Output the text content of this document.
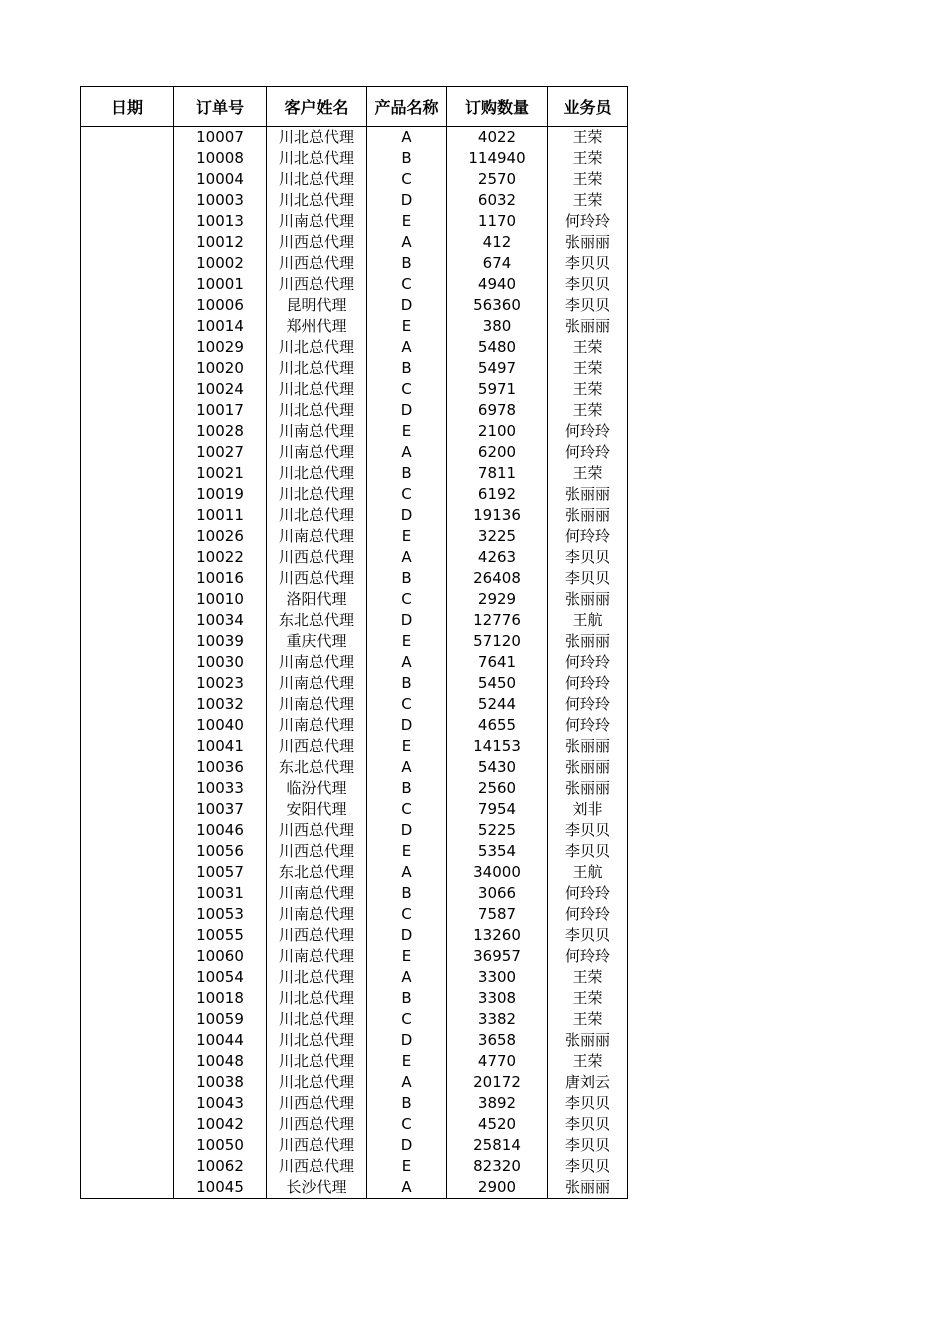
日期	订单号	客户姓名	产品名称	订购数量	业务员
	10007	川北总代理	A	4022	王荣
	10008	川北总代理	B	114940	王荣
	10004	川北总代理	C	2570	王荣
	10003	川北总代理	D	6032	王荣
	10013	川南总代理	E	1170	何玲玲
	10012	川西总代理	A	412	张丽丽
	10002	川西总代理	B	674	李贝贝
	10001	川西总代理	C	4940	李贝贝
	10006	昆明代理	D	56360	李贝贝
	10014	郑州代理	E	380	张丽丽
	10029	川北总代理	A	5480	王荣
	10020	川北总代理	B	5497	王荣
	10024	川北总代理	C	5971	王荣
	10017	川北总代理	D	6978	王荣
	10028	川南总代理	E	2100	何玲玲
	10027	川南总代理	A	6200	何玲玲
	10021	川北总代理	B	7811	王荣
	10019	川北总代理	C	6192	张丽丽
	10011	川北总代理	D	19136	张丽丽
	10026	川南总代理	E	3225	何玲玲
	10022	川西总代理	A	4263	李贝贝
	10016	川西总代理	B	26408	李贝贝
	10010	洛阳代理	C	2929	张丽丽
	10034	东北总代理	D	12776	王航
	10039	重庆代理	E	57120	张丽丽
	10030	川南总代理	A	7641	何玲玲
	10023	川南总代理	B	5450	何玲玲
	10032	川南总代理	C	5244	何玲玲
	10040	川南总代理	D	4655	何玲玲
	10041	川西总代理	E	14153	张丽丽
	10036	东北总代理	A	5430	张丽丽
	10033	临汾代理	B	2560	张丽丽
	10037	安阳代理	C	7954	刘非
	10046	川西总代理	D	5225	李贝贝
	10056	川西总代理	E	5354	李贝贝
	10057	东北总代理	A	34000	王航
	10031	川南总代理	B	3066	何玲玲
	10053	川南总代理	C	7587	何玲玲
	10055	川西总代理	D	13260	李贝贝
	10060	川南总代理	E	36957	何玲玲
	10054	川北总代理	A	3300	王荣
	10018	川北总代理	B	3308	王荣
	10059	川北总代理	C	3382	王荣
	10044	川北总代理	D	3658	张丽丽
	10048	川北总代理	E	4770	王荣
	10038	川北总代理	A	20172	唐刘云
	10043	川西总代理	B	3892	李贝贝
	10042	川西总代理	C	4520	李贝贝
	10050	川西总代理	D	25814	李贝贝
	10062	川西总代理	E	82320	李贝贝
	10045	长沙代理	A	2900	张丽丽
